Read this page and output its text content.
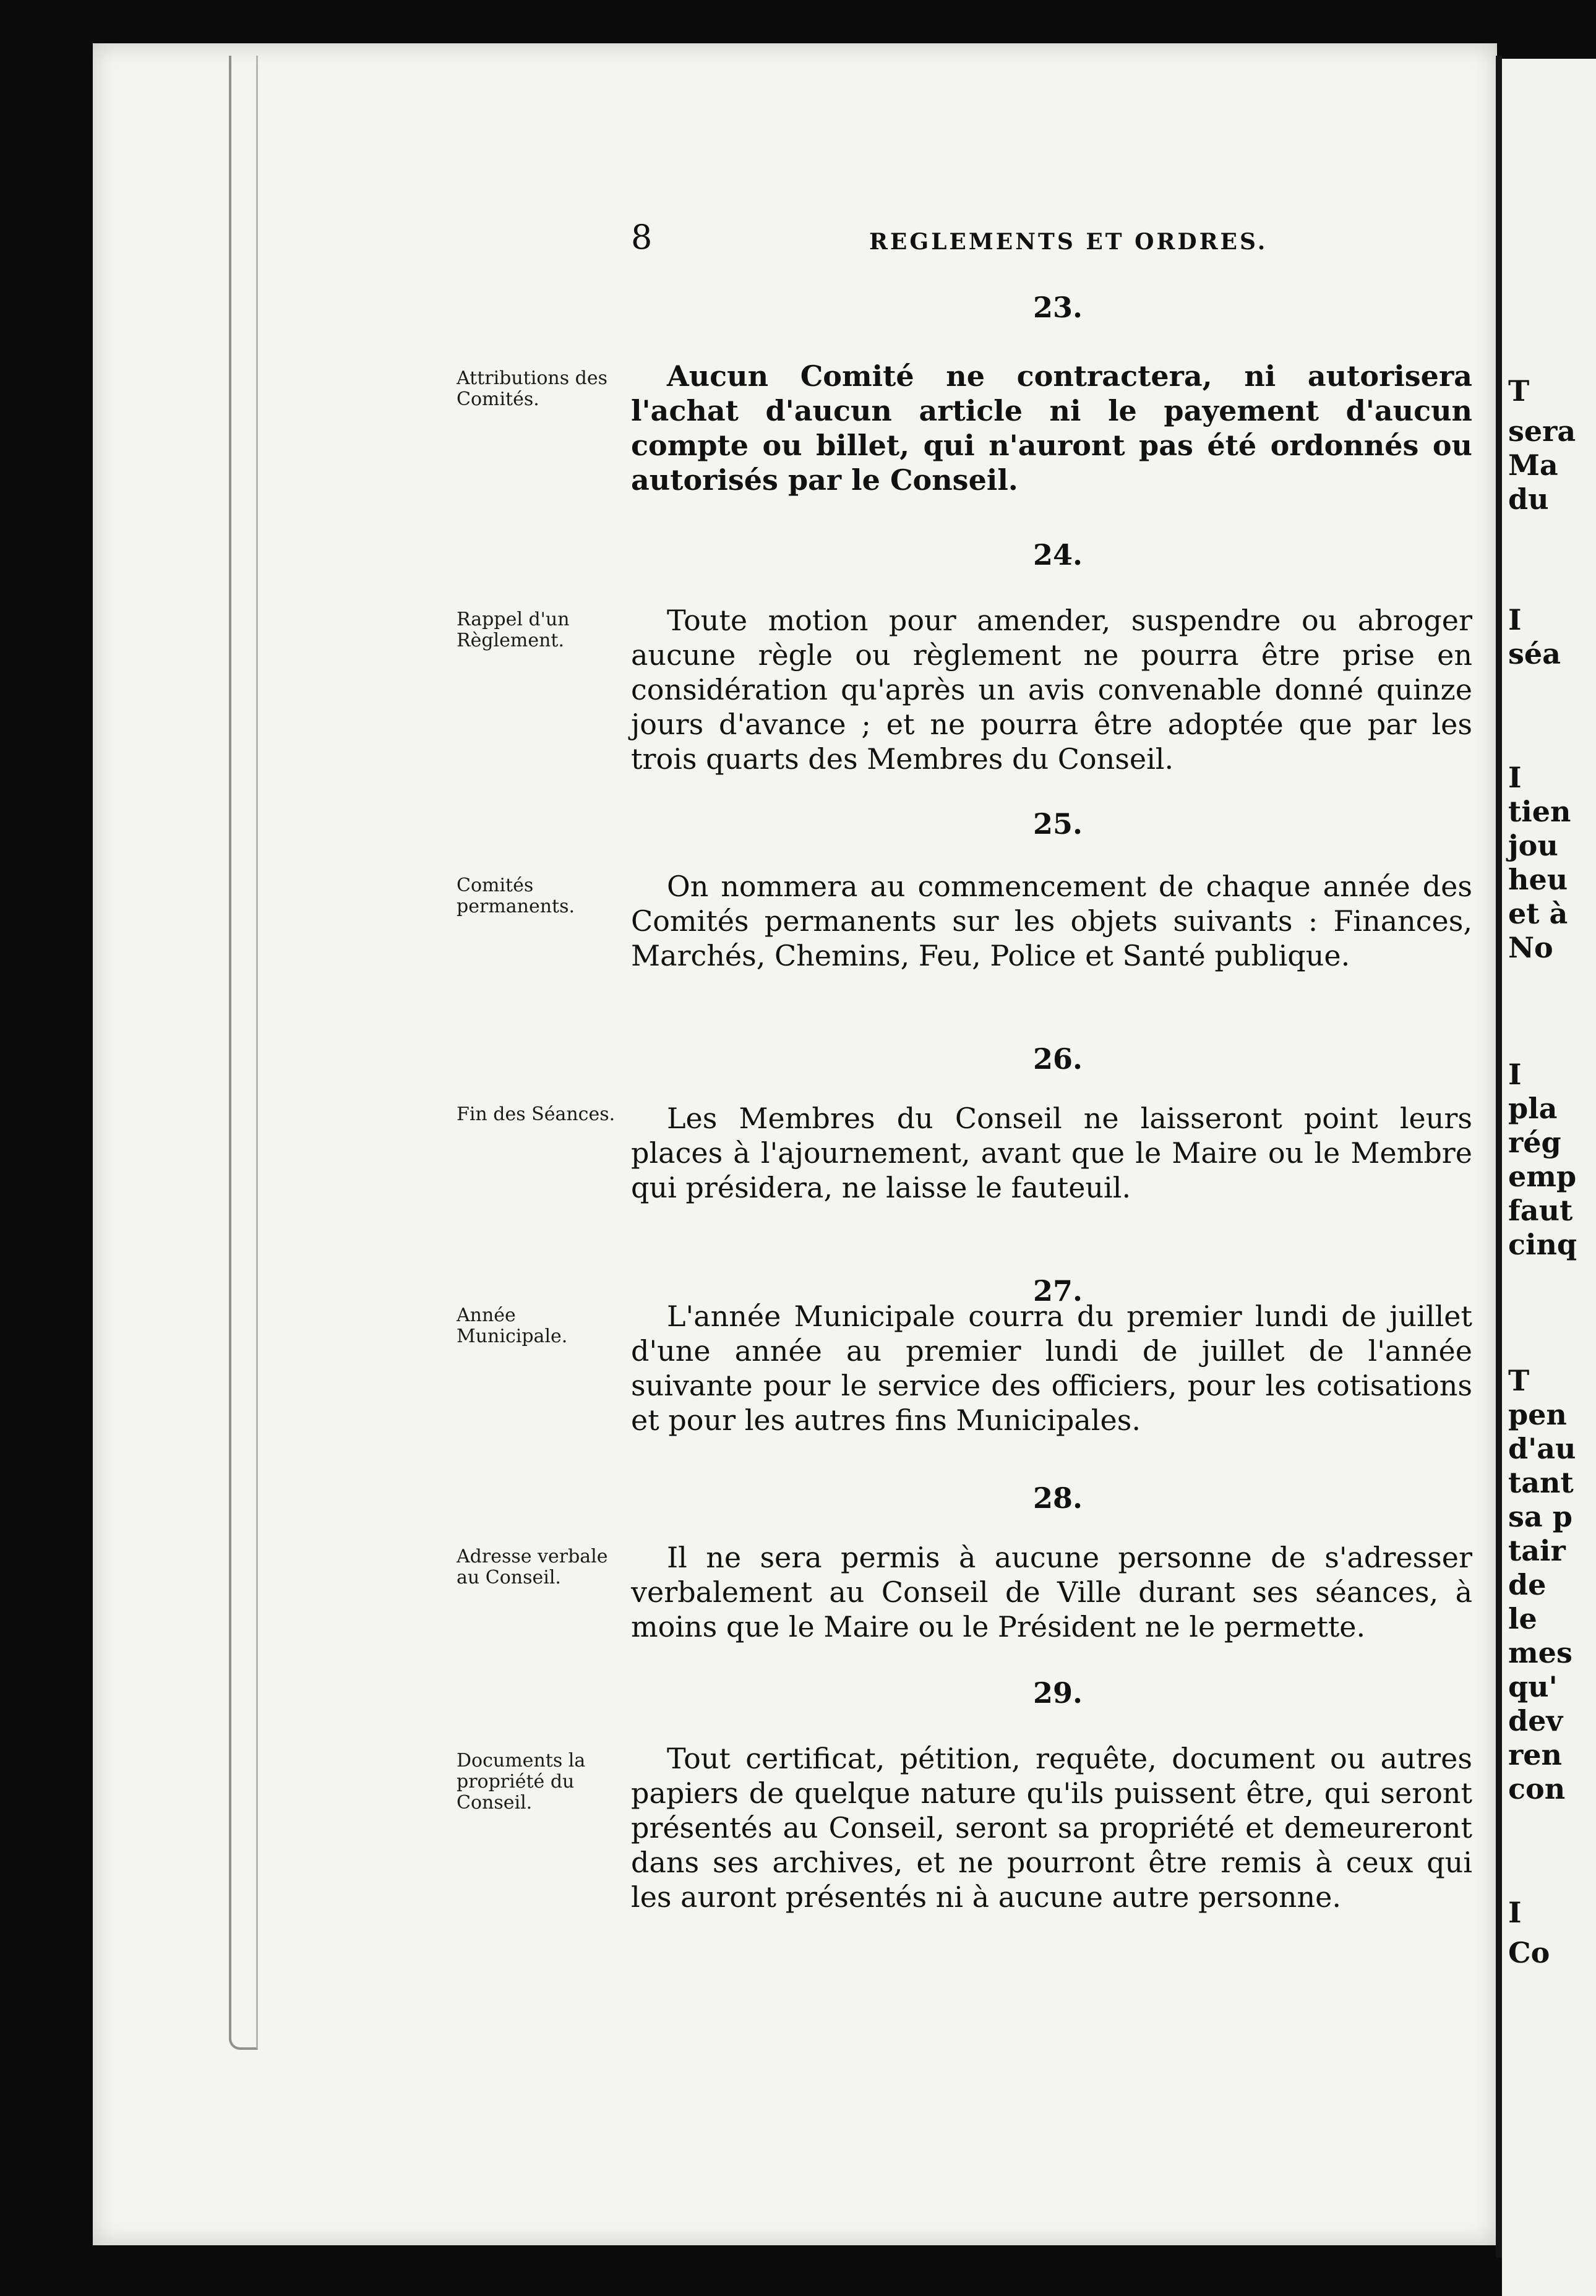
8	REGLEMENTS ET ORDRES.
23.
Attributions des Comités.
Aucun Comité ne contractera, ni autorisera l'achat d'aucun article ni le payement d'aucun compte ou billet, qui n'auront pas été ordonnés ou autorisés par le Conseil.
24.
Rappel d'un Règlement.
Toute motion pour amender, suspendre ou abroger aucune règle ou règlement ne pourra être prise en considération qu'après un avis convenable donné quinze jours d'avance ; et ne pourra être adoptée que par les trois quarts des Membres du Conseil.
25.
Comités permanents.
On nommera au commencement de chaque année des Comités permanents sur les objets suivants : Finances, Marchés, Chemins, Feu, Police et Santé publique.
26.
Fin des Séances.	Les Membres du Conseil ne laisseront point leurs places à l'ajournement, avant que le Maire ou le Membre qui présidera, ne laisse le fauteuil.
27.
Année Municipale.
L'année Municipale courra du premier lundi de juillet d'une année au premier lundi de juillet de l'année suivante pour le service des officiers, pour les cotisations et pour les autres fins Municipales.
28.
Adresse verbale au Conseil.
Il ne sera permis à aucune personne de s'adresser verbalement au Conseil de Ville durant ses séances, à moins que le Maire ou le Président ne le permette.
29.
Documents la propriété du Conseil.
Tout certificat, pétition, requête, document ou autres papiers de quelque nature qu'ils puissent être, qui seront présentés au Conseil, seront sa propriété et demeureront dans ses archives, et ne pourront être remis à ceux qui les auront présentés ni à aucune autre personne.
T
sera
Ma
du
I
séa
I
tien
jou
heu
et à
No
I
pla
rég
emp
faut
cinq
T
pen
d'au
tant
sa p
tair
de
le
mes
qu'
dev
ren
con
I
Co
